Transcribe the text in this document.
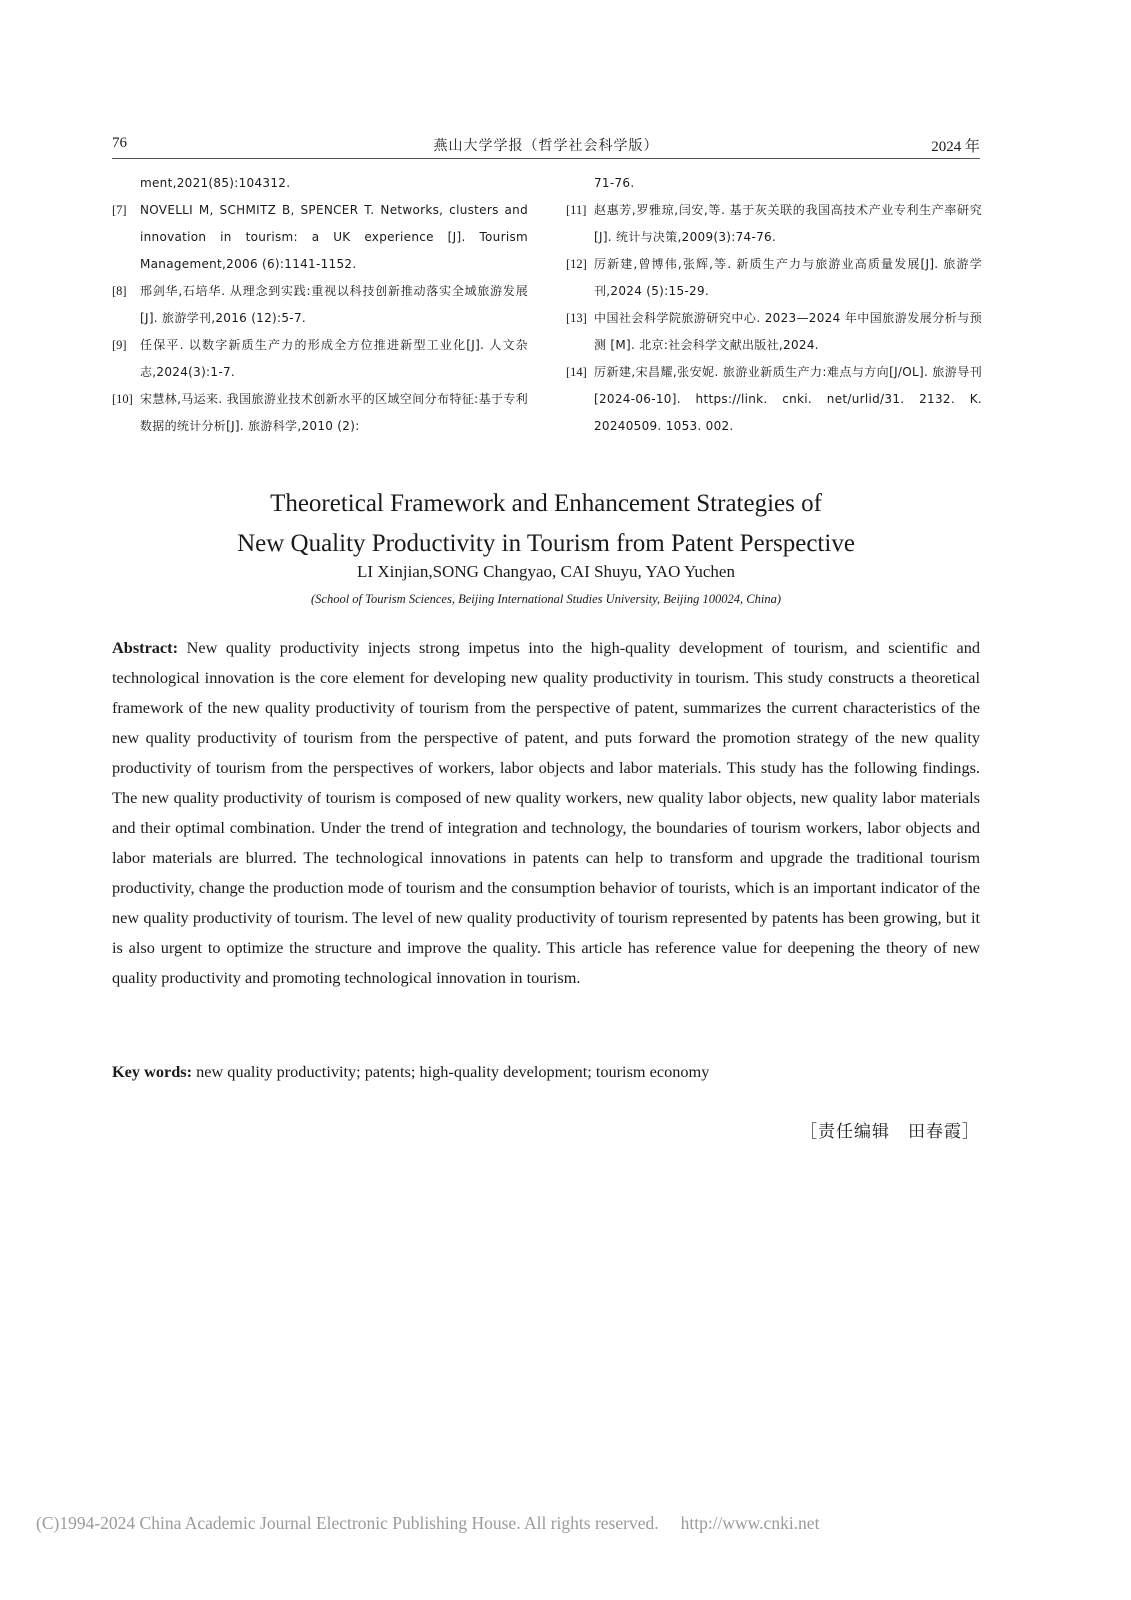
76	燕山大学学报（哲学社会科学版）	2024 年
ment,2021(85):104312.
[7] NOVELLI M, SCHMITZ B, SPENCER T. Networks, clusters and innovation in tourism: a UK experience [J]. Tourism Management,2006 (6):1141-1152.
[8] 邢剑华,石培华. 从理念到实践:重视以科技创新推动落实全域旅游发展[J]. 旅游学刊,2016 (12):5-7.
[9] 任保平. 以数字新质生产力的形成全方位推进新型工业化[J]. 人文杂志,2024(3):1-7.
[10] 宋慧林,马运来. 我国旅游业技术创新水平的区域空间分布特征:基于专利数据的统计分析[J]. 旅游科学,2010 (2):
71-76.
[11] 赵惠芳,罗雅琼,闫安,等. 基于灰关联的我国高技术产业专利生产率研究[J]. 统计与决策,2009(3):74-76.
[12] 厉新建,曾博伟,张辉,等. 新质生产力与旅游业高质量发展[J]. 旅游学刊,2024 (5):15-29.
[13] 中国社会科学院旅游研究中心. 2023—2024 年中国旅游发展分析与预测 [M]. 北京:社会科学文献出版社,2024.
[14] 厉新建,宋昌耀,张安妮. 旅游业新质生产力:难点与方向[J/OL]. 旅游导刊[2024-06-10]. https://link. cnki. net/urlid/31. 2132. K. 20240509. 1053. 002.
Theoretical Framework and Enhancement Strategies of
New Quality Productivity in Tourism from Patent Perspective
LI Xinjian,SONG Changyao, CAI Shuyu, YAO Yuchen
(School of Tourism Sciences, Beijing International Studies University, Beijing 100024, China)
Abstract: New quality productivity injects strong impetus into the high-quality development of tourism, and scientific and technological innovation is the core element for developing new quality productivity in tourism. This study constructs a theoretical framework of the new quality productivity of tourism from the perspective of patent, summarizes the current characteristics of the new quality productivity of tourism from the perspective of patent, and puts forward the promotion strategy of the new quality productivity of tourism from the perspectives of workers, labor objects and labor materials. This study has the following findings. The new quality productivity of tourism is composed of new quality workers, new quality labor objects, new quality labor materials and their optimal combination. Under the trend of integration and technology, the boundaries of tourism workers, labor objects and labor materials are blurred. The technological innovations in patents can help to transform and upgrade the traditional tourism productivity, change the production mode of tourism and the consumption behavior of tourists, which is an important indicator of the new quality productivity of tourism. The level of new quality productivity of tourism represented by patents has been growing, but it is also urgent to optimize the structure and improve the quality. This article has reference value for deepening the theory of new quality productivity and promoting technological innovation in tourism.
Key words: new quality productivity; patents; high-quality development; tourism economy
［责任编辑　田春霞］
(C)1994-2024 China Academic Journal Electronic Publishing House. All rights reserved. http://www.cnki.net
